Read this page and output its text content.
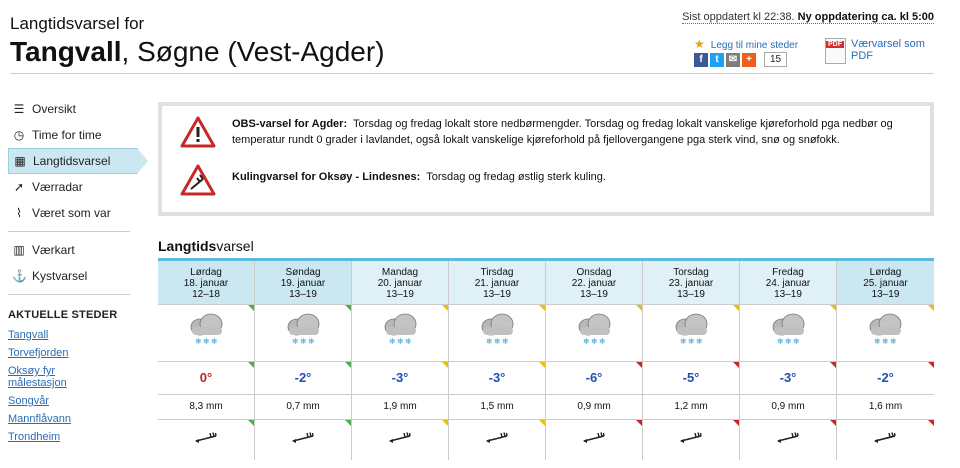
Langtidsvarsel for
Tangvall, Søgne (Vest-Agder)
Sist oppdatert kl 22:38. Ny oppdatering ca. kl 5:00
★ Legg til mine steder
f	t	✉ +	15
PDF Værvarsel som
PDF
☰ Oversikt
◷ Time for time
▦ Langtidsvarsel
➚ Værradar
⌇ Været som var
▥ Værkart
⚓ Kystvarsel
AKTUELLE STEDER
Tangvall
Torvefjorden
Oksøy fyr målestasjon
Songvår
Mannflåvann
Trondheim
OBS-varsel for Agder: Torsdag og fredag lokalt store nedbørmengder. Torsdag og fredag lokalt vanskelige kjøreforhold pga nedbør og temperatur rundt 0 grader i lavlandet, også lokalt vanskelige kjøreforhold på fjellovergangene pga sterk vind, snø og snøfokk.
Kulingvarsel for Oksøy - Lindesnes: Torsdag og fredag østlig sterk kuling.
Langtidsvarsel
Lørdag
18. januar
12–18
Søndag
19. januar
13–19
Mandag
20. januar
13–19
Tirsdag
21. januar
13–19
Onsdag
22. januar
13–19
Torsdag
23. januar
13–19
Fredag
24. januar
13–19
Lørdag
25. januar
13–19
❄ ❄ ❄	❄ ❄ ❄	❄ ❄ ❄	❄ ❄ ❄	❄ ❄ ❄	❄ ❄ ❄	❄ ❄ ❄	❄ ❄ ❄
0°	-2°	-3°	-3°	-6°	-5°	-3°	-2°
8,3 mm	0,7 mm	1,9 mm	1,5 mm	0,9 mm	1,2 mm	0,9 mm	1,6 mm
